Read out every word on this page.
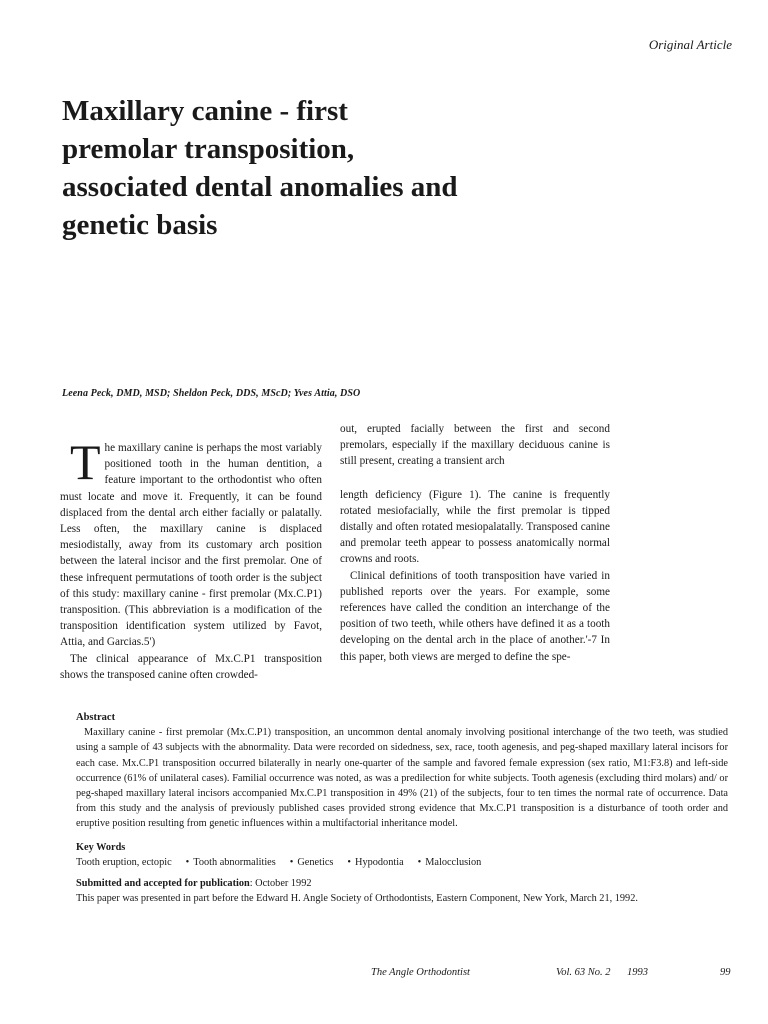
Original Article
Maxillary canine - first premolar transposition, associated dental anomalies and genetic basis
Leena Peck, DMD, MSD; Sheldon Peck, DDS, MScD; Yves Attia, DSO

The maxillary canine is perhaps the most variably positioned tooth in the human dentition, a feature important to the orthodontist who often must locate and move it. Frequently, it can be found displaced from the dental arch either facially or palatally. Less often, the maxillary canine is displaced mesiodistally, away from its customary arch position between the lateral incisor and the first premolar. One of these infrequent permutations of tooth order is the subject of this study: maxillary canine - first premolar (Mx.C.P1) transposition. (This abbreviation is a modification of the transposition identification system utilized by Favot, Attia, and Garcias.5')

The clinical appearance of Mx.C.P1 transposition shows the transposed canine often crowded-

out, erupted facially between the first and second premolars, especially if the maxillary deciduous canine is still present, creating a transient arch

length deficiency (Figure 1). The canine is frequently rotated mesiofacially, while the first premolar is tipped distally and often rotated mesiopalatally. Transposed canine and premolar teeth appear to possess anatomically normal crowns and roots.

Clinical definitions of tooth transposition have varied in published reports over the years. For example, some references have called the condition an interchange of the position of two teeth, while others have defined it as a tooth developing on the dental arch in the place of another.'-7 In this paper, both views are merged to define the spe-

Abstract

Maxillary canine - first premolar (Mx.C.P1) transposition, an uncommon dental anomaly involving positional interchange of the two teeth, was studied using a sample of 43 subjects with the abnormality. Data were recorded on sidedness, sex, race, tooth agenesis, and peg-shaped maxillary lateral incisors for each case. Mx.C.P1 transposition occurred bilaterally in nearly one-quarter of the sample and favored female expression (sex ratio, M1:F3.8) and left-side occurrence (61% of unilateral cases). Familial occurrence was noted, as was a predilection for white subjects. Tooth agenesis (excluding third molars) and/ or peg-shaped maxillary lateral incisors accompanied Mx.C.P1 transposition in 49% (21) of the subjects, four to ten times the normal rate of occurrence. Data from this study and the analysis of previously published cases provided strong evidence that Mx.C.P1 transposition is a disturbance of tooth order and eruptive position resulting from genetic influences within a multifactorial inheritance model.

Key Words
Tooth eruption, ectopic • Tooth abnormalities • Genetics • Hypodontia • Malocclusion
Submitted and accepted for publication: October 1992
This paper was presented in part before the Edward H. Angle Society of Orthodontists, Eastern Component, New York, March 21, 1992.
The Angle Orthodontist	Vol. 63 No. 2 1993	99
